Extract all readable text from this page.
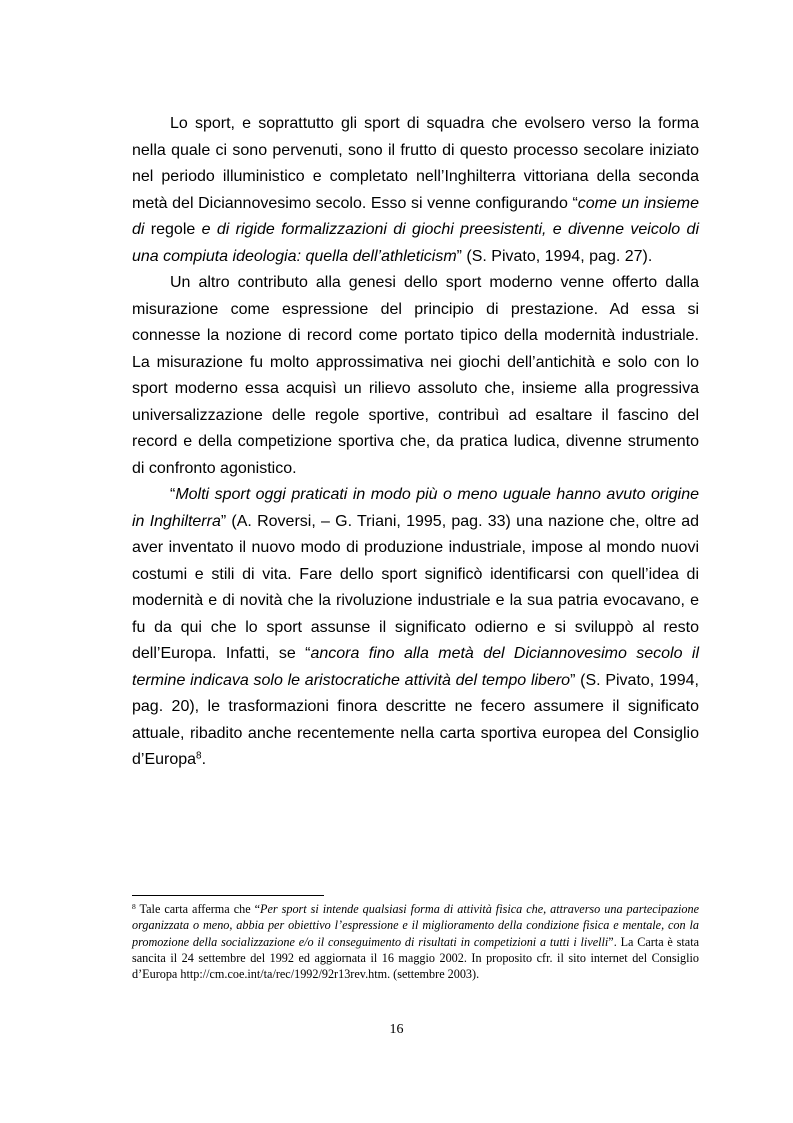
Lo sport, e soprattutto gli sport di squadra che evolsero verso la forma nella quale ci sono pervenuti, sono il frutto di questo processo secolare iniziato nel periodo illuministico e completato nell’Inghilterra vittoriana della seconda metà del Diciannovesimo secolo. Esso si venne configurando “come un insieme di regole e di rigide formalizzazioni di giochi preesistenti, e divenne veicolo di una compiuta ideologia: quella dell’athleticism” (S. Pivato, 1994, pag. 27).

Un altro contributo alla genesi dello sport moderno venne offerto dalla misurazione come espressione del principio di prestazione. Ad essa si connesse la nozione di record come portato tipico della modernità industriale. La misurazione fu molto approssimativa nei giochi dell’antichità e solo con lo sport moderno essa acquisì un rilievo assoluto che, insieme alla progressiva universalizzazione delle regole sportive, contribuì ad esaltare il fascino del record e della competizione sportiva che, da pratica ludica, divenne strumento di confronto agonistico.

“Molti sport oggi praticati in modo più o meno uguale hanno avuto origine in Inghilterra” (A. Roversi, – G. Triani, 1995, pag. 33) una nazione che, oltre ad aver inventato il nuovo modo di produzione industriale, impose al mondo nuovi costumi e stili di vita. Fare dello sport significò identificarsi con quell’idea di modernità e di novità che la rivoluzione industriale e la sua patria evocavano, e fu da qui che lo sport assunse il significato odierno e si sviluppò al resto dell’Europa. Infatti, se “ancora fino alla metà del Diciannovesimo secolo il termine indicava solo le aristocratiche attività del tempo libero” (S. Pivato, 1994, pag. 20), le trasformazioni finora descritte ne fecero assumere il significato attuale, ribadito anche recentemente nella carta sportiva europea del Consiglio d’Europa$^8$.

$^8$ Tale carta afferma che “Per sport si intende qualsiasi forma di attività fisica che, attraverso una partecipazione organizzata o meno, abbia per obiettivo l’espressione e il miglioramento della condizione fisica e mentale, con la promozione della socializzazione e/o il conseguimento di risultati in competizioni a tutti i livelli”. La Carta è stata sancita il 24 settembre del 1992 ed aggiornata il 16 maggio 2002. In proposito cfr. il sito internet del Consiglio d’Europa http://cm.coe.int/ta/rec/1992/92r13rev.htm. (settembre 2003).

16
